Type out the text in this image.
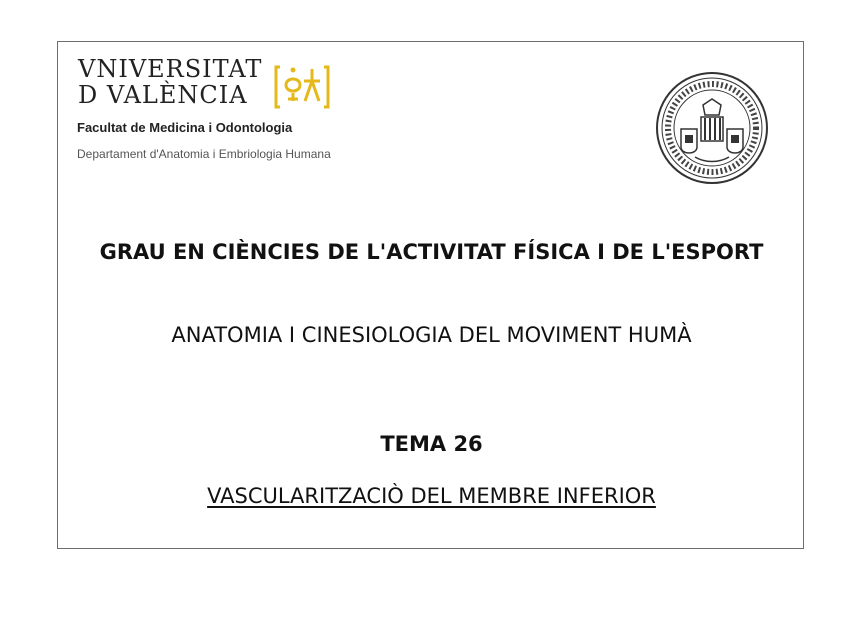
VNIVERSITAT
D VALÈNCIA
Facultat de Medicina i Odontologia
Departament d'Anatomia i Embriologia Humana
GRAU EN CIÈNCIES DE L'ACTIVITAT FÍSICA I DE L'ESPORT
ANATOMIA I CINESIOLOGIA DEL MOVIMENT HUMÀ
TEMA 26
VASCULARITZACIÒ DEL MEMBRE INFERIOR
